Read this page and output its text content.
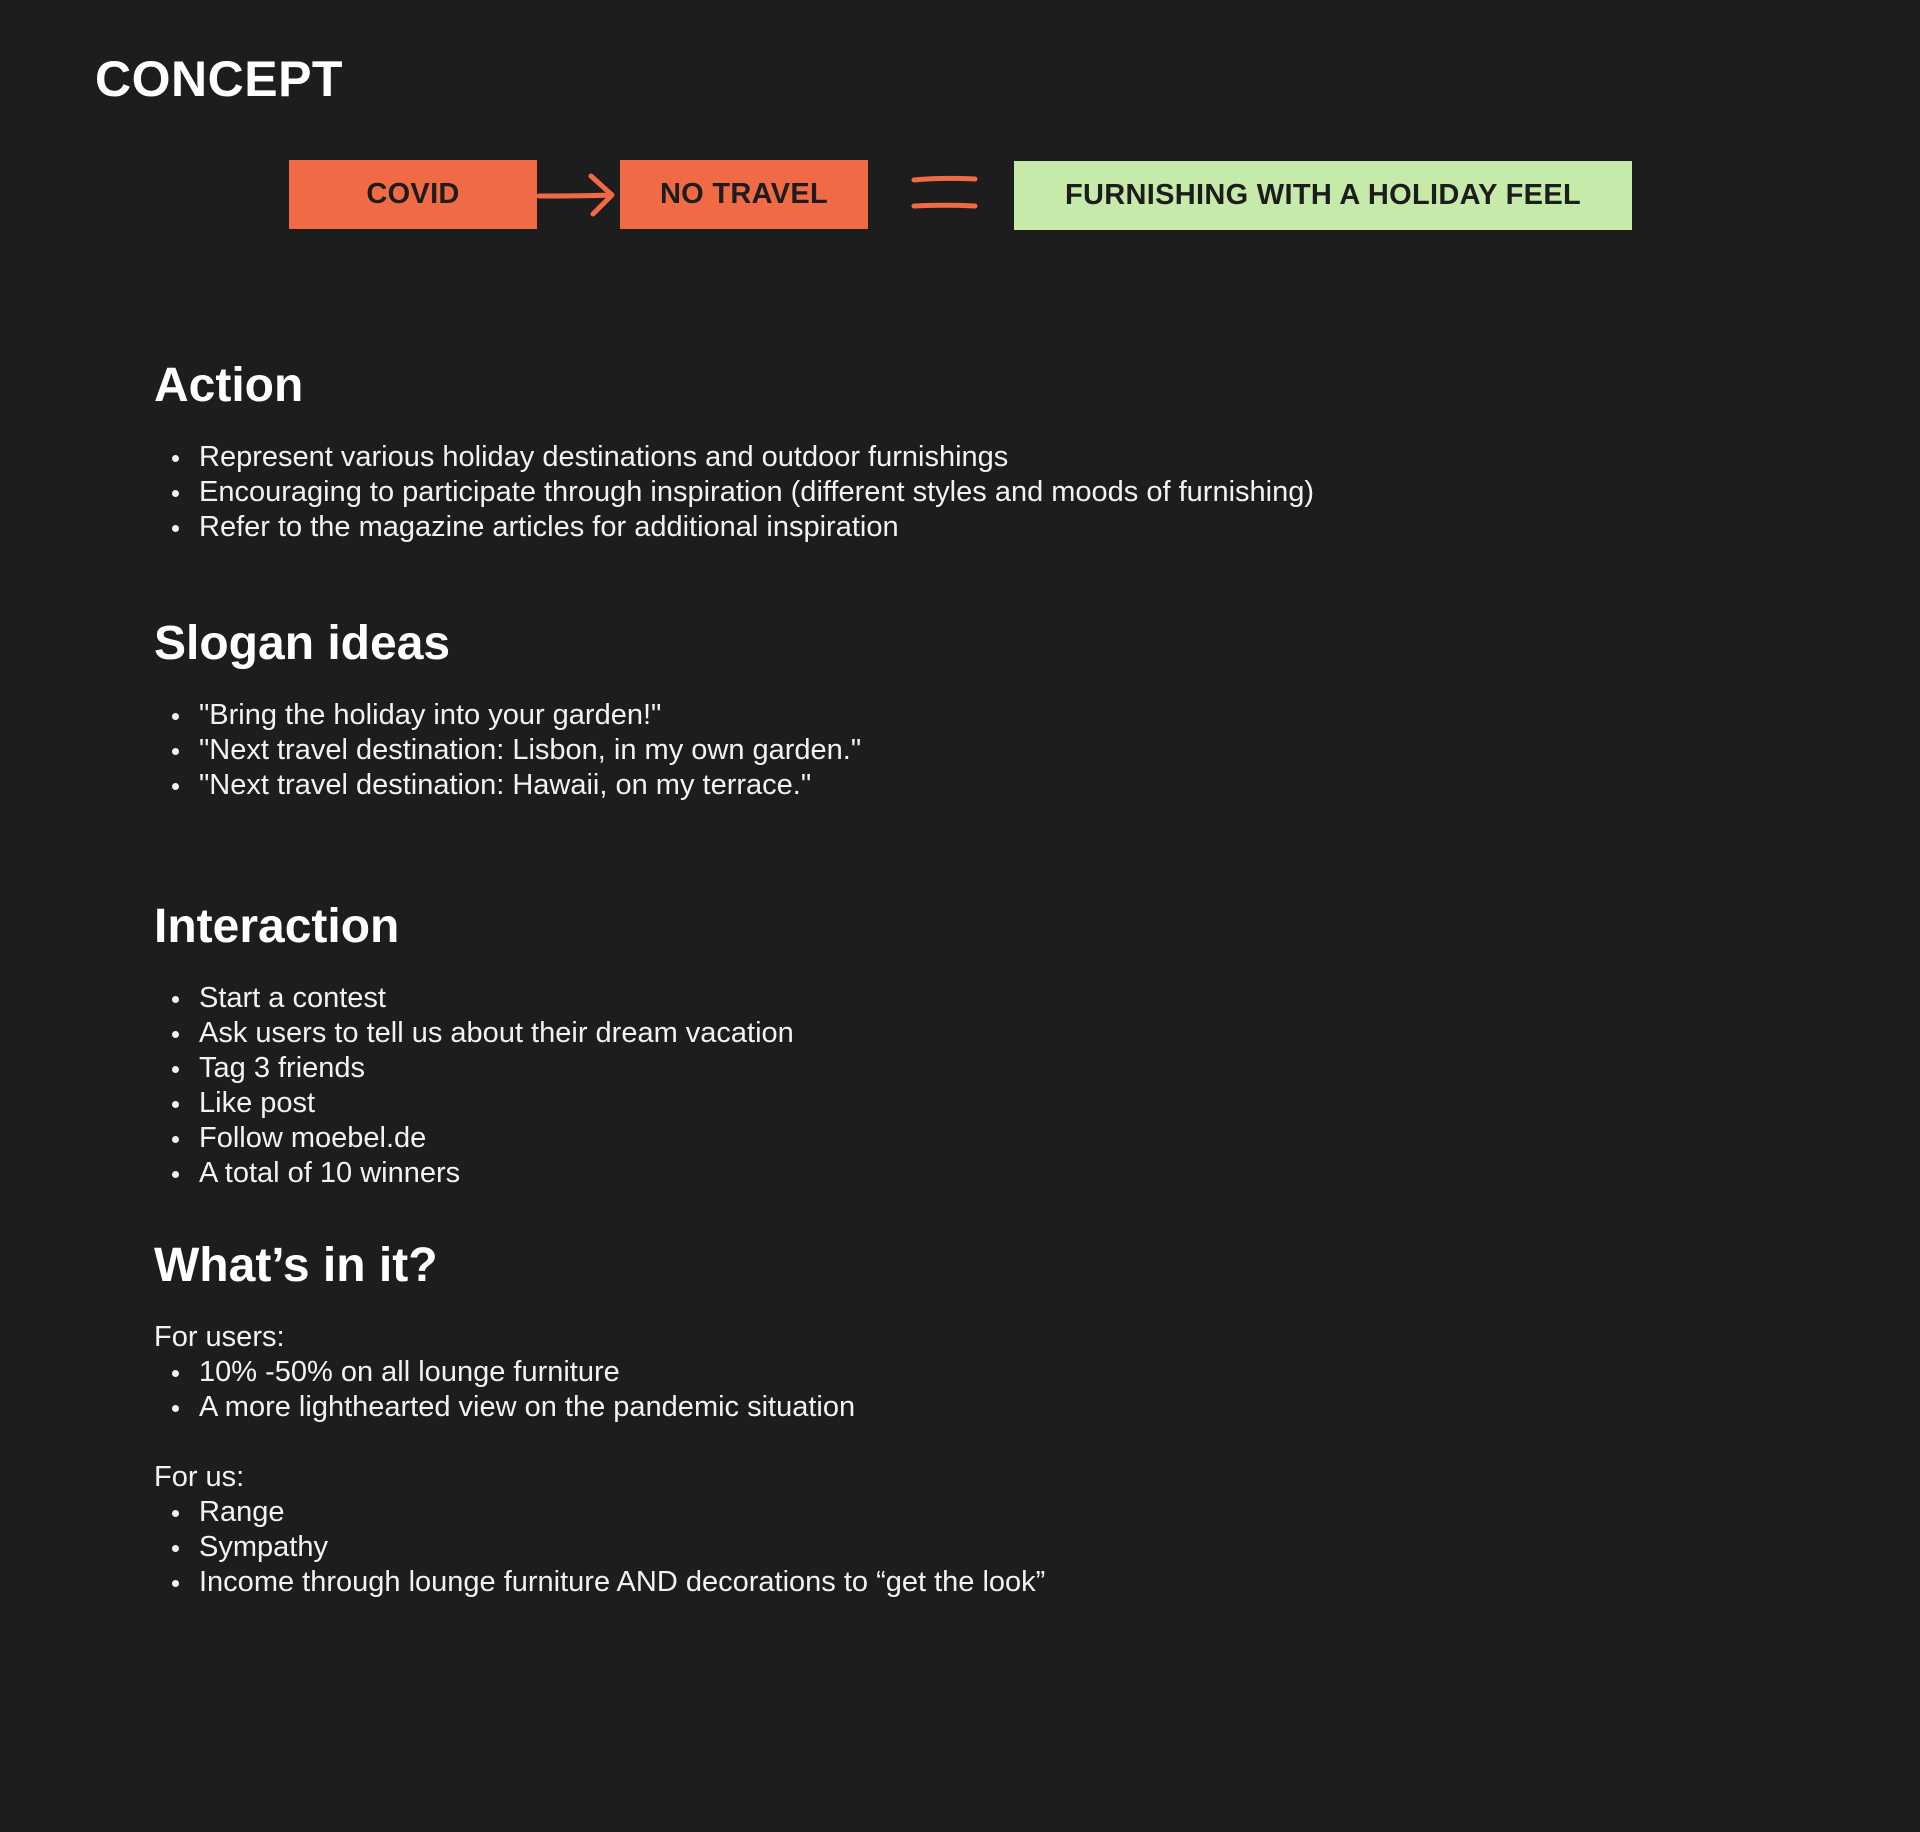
CONCEPT
COVID	NO TRAVEL	FURNISHING WITH A HOLIDAY FEEL
Action
Represent various holiday destinations and outdoor furnishings
Encouraging to participate through inspiration (different styles and moods of furnishing)
Refer to the magazine articles for additional inspiration
Slogan ideas
"Bring the holiday into your garden!"
"Next travel destination: Lisbon, in my own garden."
"Next travel destination: Hawaii, on my terrace."
Interaction
Start a contest
Ask users to tell us about their dream vacation
Tag 3 friends
Like post
Follow moebel.de
A total of 10 winners
What’s in it?
For users:
10% -50% on all lounge furniture
A more lighthearted view on the pandemic situation
For us:
Range
Sympathy
Income through lounge furniture AND decorations to “get the look”
